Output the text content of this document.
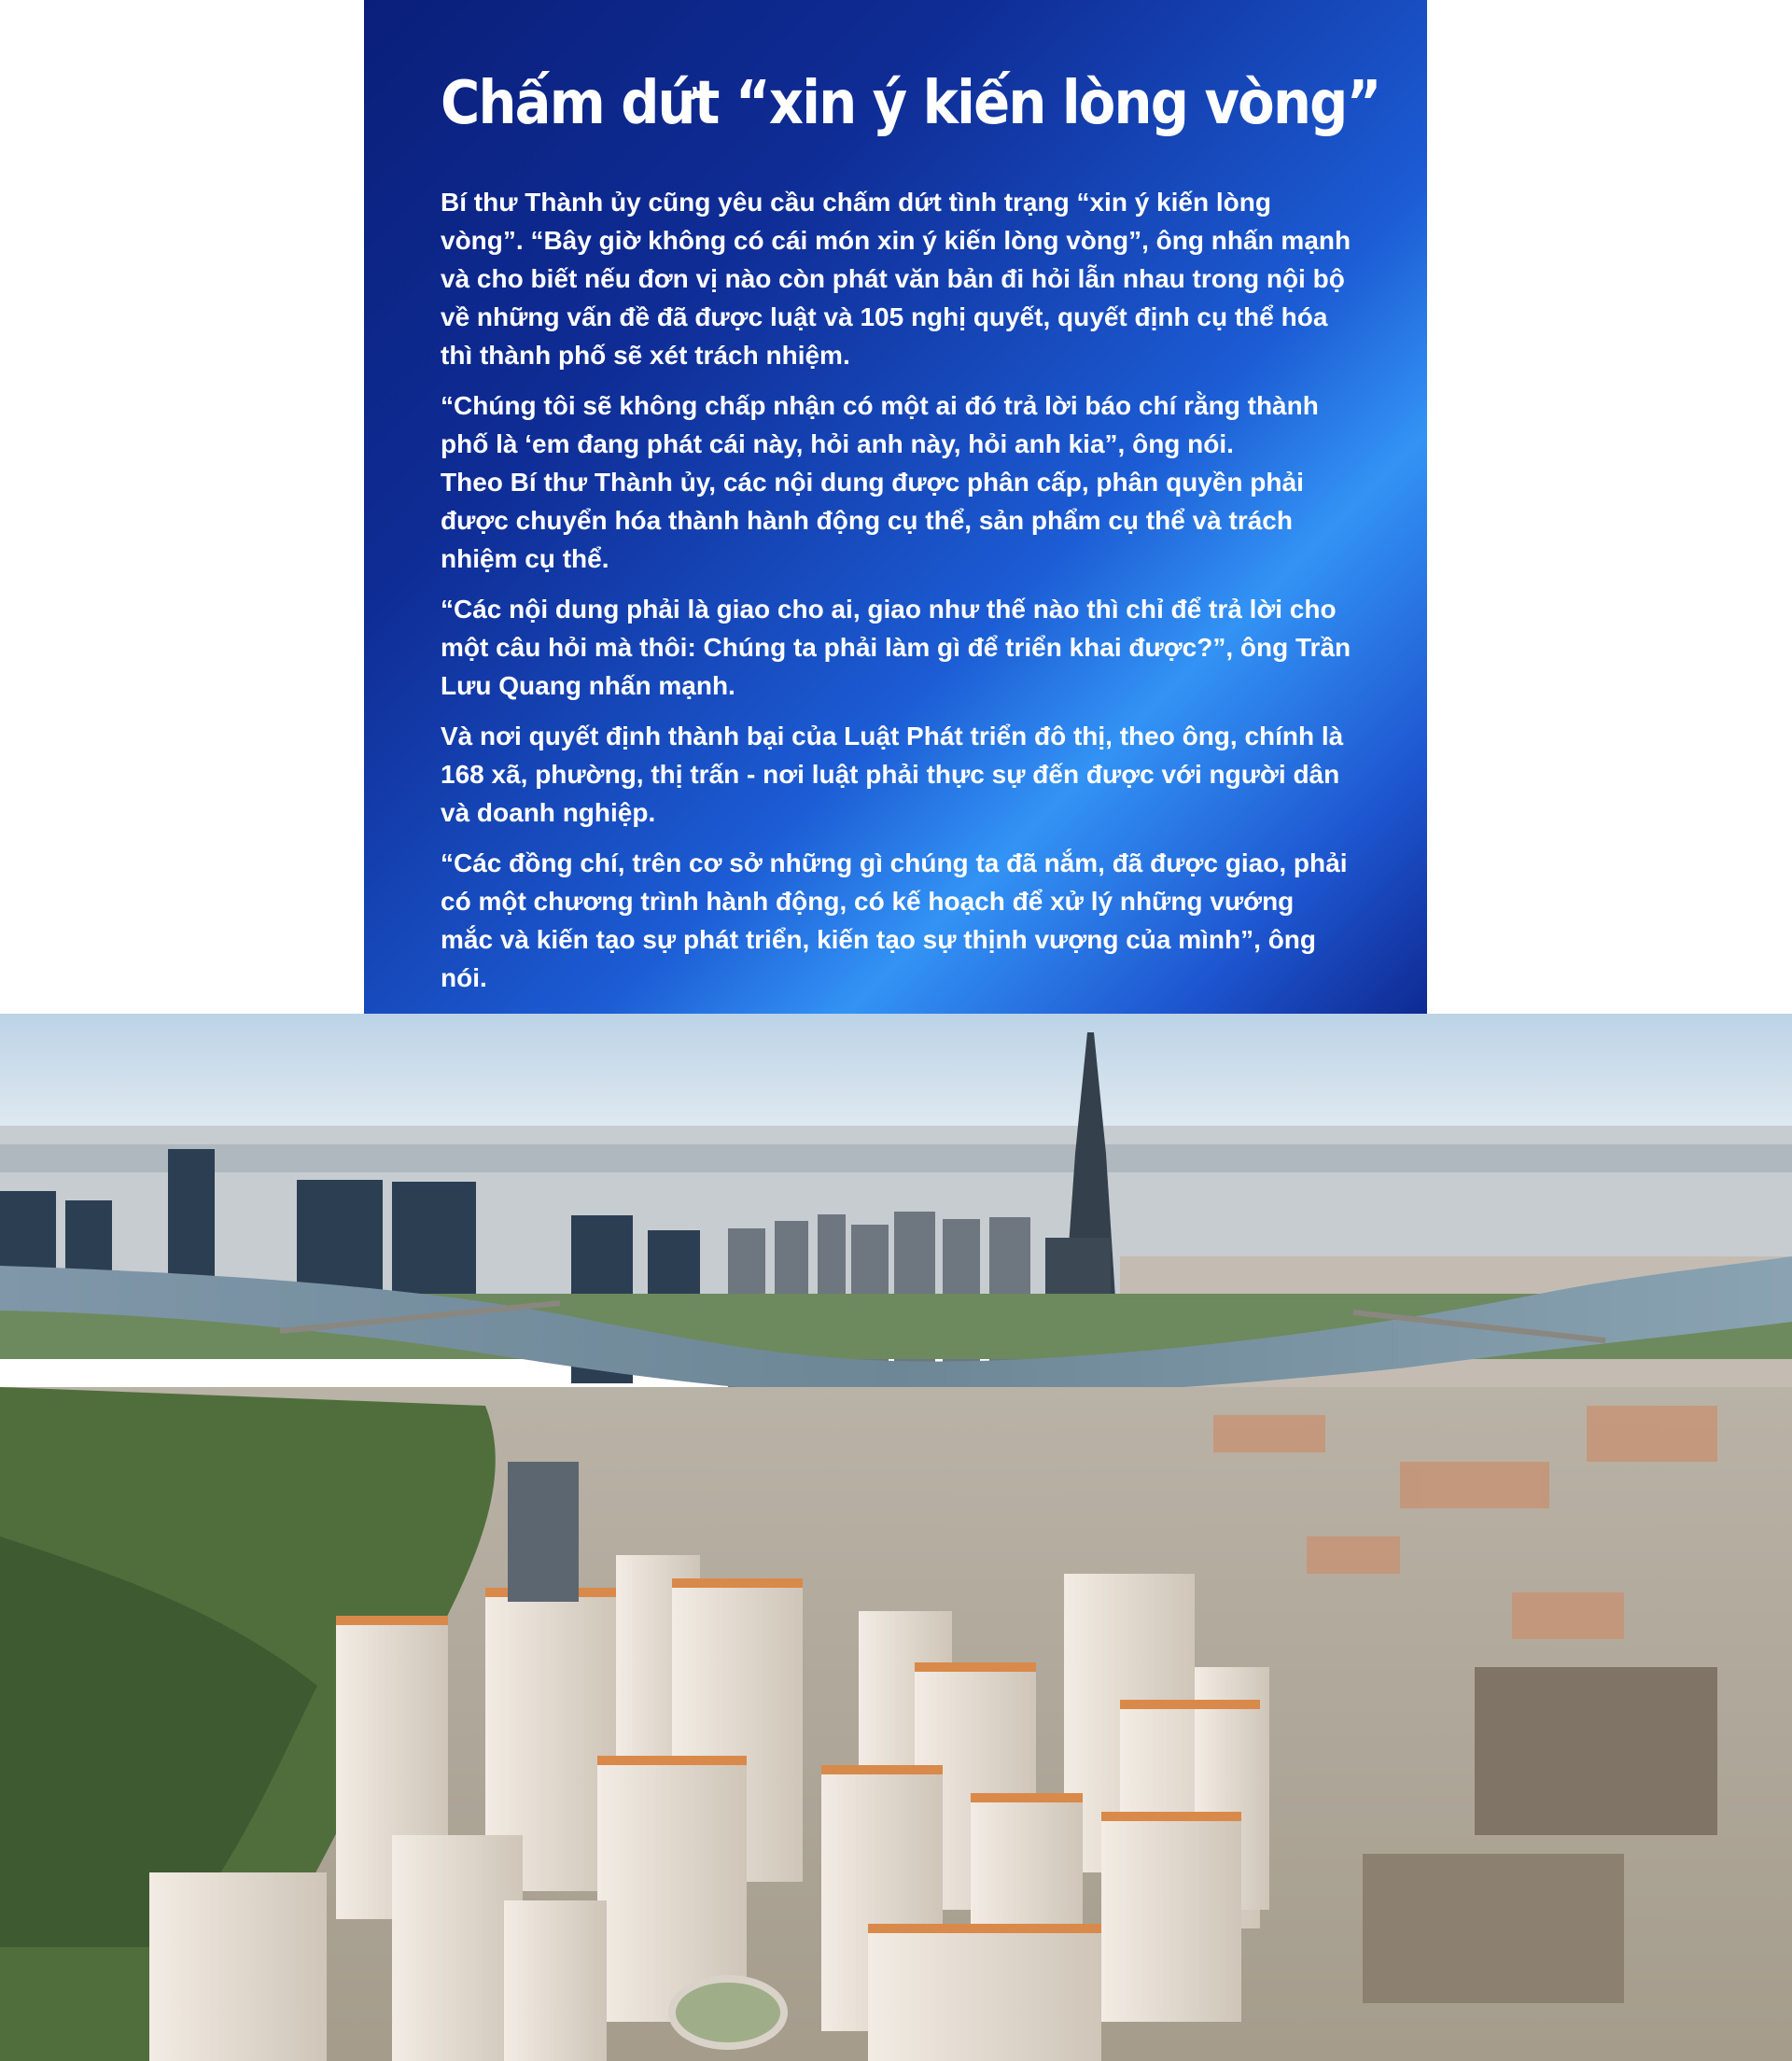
Chấm dứt “xin ý kiến lòng vòng”

Bí thư Thành ủy cũng yêu cầu chấm dứt tình trạng “xin ý kiến lòng vòng”. “Bây giờ không có cái món xin ý kiến lòng vòng”, ông nhấn mạnh và cho biết nếu đơn vị nào còn phát văn bản đi hỏi lẫn nhau trong nội bộ về những vấn đề đã được luật và 105 nghị quyết, quyết định cụ thể hóa thì thành phố sẽ xét trách nhiệm.

“Chúng tôi sẽ không chấp nhận có một ai đó trả lời báo chí rằng thành phố là ‘em đang phát cái này, hỏi anh này, hỏi anh kia”, ông nói.

Theo Bí thư Thành ủy, các nội dung được phân cấp, phân quyền phải được chuyển hóa thành hành động cụ thể, sản phẩm cụ thể và trách nhiệm cụ thể.

“Các nội dung phải là giao cho ai, giao như thế nào thì chỉ để trả lời cho một câu hỏi mà thôi: Chúng ta phải làm gì để triển khai được?”, ông Trần Lưu Quang nhấn mạnh.

Và nơi quyết định thành bại của Luật Phát triển đô thị, theo ông, chính là 168 xã, phường, thị trấn - nơi luật phải thực sự đến được với người dân và doanh nghiệp.

“Các đồng chí, trên cơ sở những gì chúng ta đã nắm, đã được giao, phải có một chương trình hành động, có kế hoạch để xử lý những vướng mắc và kiến tạo sự phát triển, kiến tạo sự thịnh vượng của mình”, ông nói.
